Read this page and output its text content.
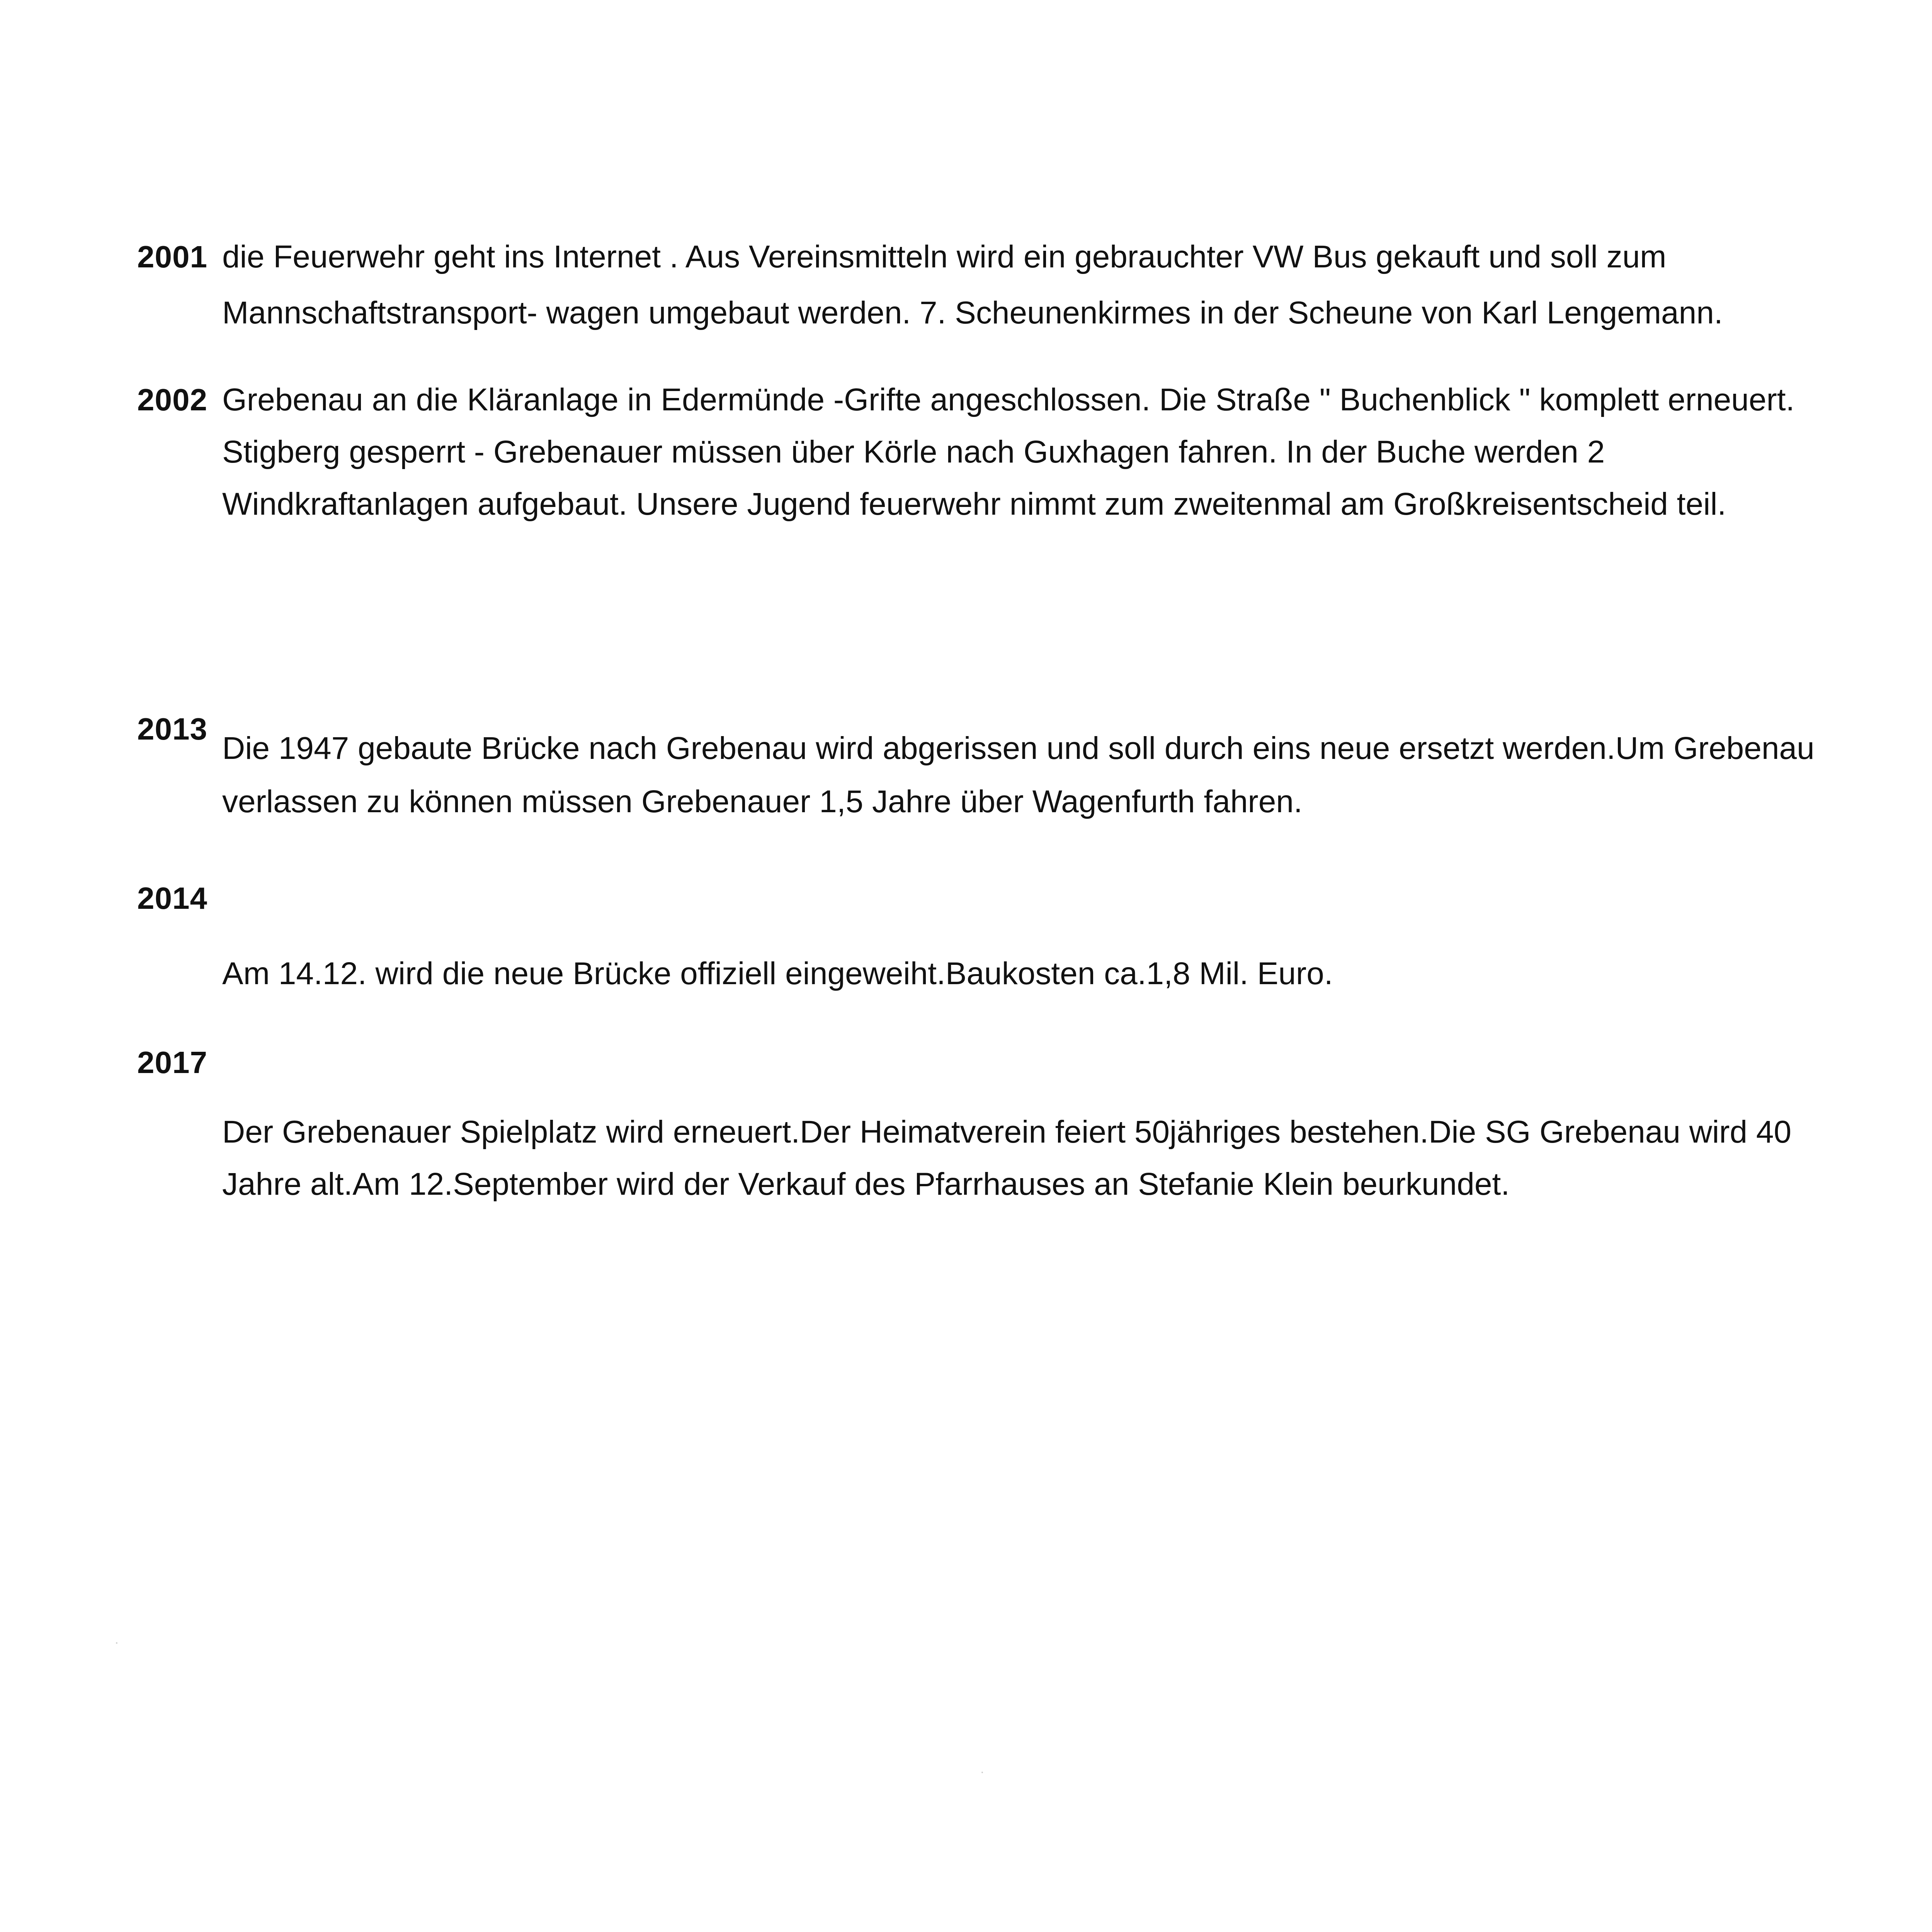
2001 die Feuerwehr geht ins Internet . Aus Vereinsmitteln wird ein gebrauchter VW Bus gekauft und soll zum
Mannschaftstransport- wagen umgebaut werden. 7. Scheunenkirmes in der Scheune von Karl Lengemann.
2002 Grebenau an die Kläranlage in Edermünde -Grifte angeschlossen. Die Straße " Buchenblick " komplett erneuert.
Stigberg gesperrt - Grebenauer müssen über Körle nach Guxhagen fahren. In der Buche werden 2
Windkraftanlagen aufgebaut. Unsere Jugend feuerwehr nimmt zum zweitenmal am Großkreisentscheid teil.
2013
Die 1947 gebaute Brücke nach Grebenau wird abgerissen und soll durch eins neue ersetzt werden.Um Grebenau
verlassen zu können müssen Grebenauer 1,5 Jahre über Wagenfurth fahren.
2014
Am 14.12. wird die neue Brücke offiziell eingeweiht.Baukosten ca.1,8 Mil. Euro.
2017
Der Grebenauer Spielplatz wird erneuert.Der Heimatverein feiert 50jähriges bestehen.Die SG Grebenau wird 40
Jahre alt.Am 12.September wird der Verkauf des Pfarrhauses an Stefanie Klein beurkundet.
